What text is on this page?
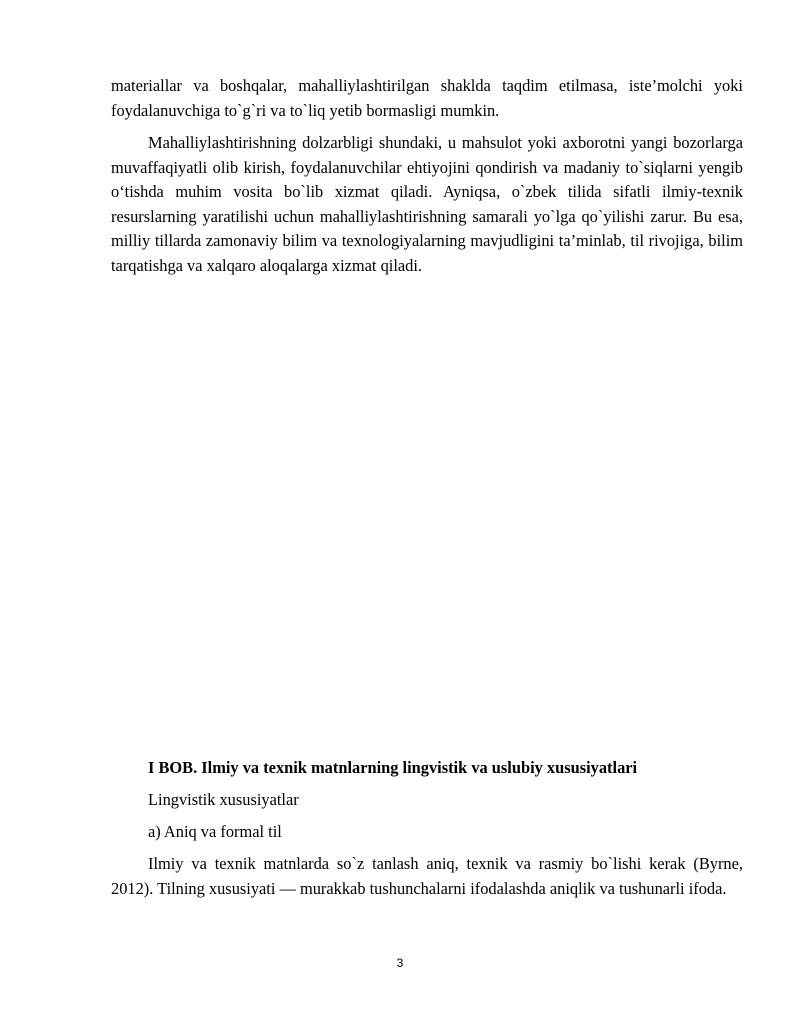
materiallar va boshqalar, mahalliylashtirilgan shaklda taqdim etilmasa, iste’molchi yoki foydalanuvchiga to`g`ri va to`liq yetib bormasligi mumkin.

Mahalliylashtirishning dolzarbligi shundaki, u mahsulot yoki axborotni yangi bozorlarga muvaffaqiyatli olib kirish, foydalanuvchilar ehtiyojini qondirish va madaniy to`siqlarni yengib o‘tishda muhim vosita bo`lib xizmat qiladi. Ayniqsa, o`zbek tilida sifatli ilmiy-texnik resurslarning yaratilishi uchun mahalliylashtirishning samarali yo`lga qo`yilishi zarur. Bu esa, milliy tillarda zamonaviy bilim va texnologiyalarning mavjudligini ta’minlab, til rivojiga, bilim tarqatishga va xalqaro aloqalarga xizmat qiladi.

I BOB. Ilmiy va texnik matnlarning lingvistik va uslubiy xususiyatlari

Lingvistik xususiyatlar

a) Aniq va formal til

Ilmiy va texnik matnlarda so`z tanlash aniq, texnik va rasmiy bo`lishi kerak (Byrne, 2012). Tilning xususiyati — murakkab tushunchalarni ifodalashda aniqlik va tushunarli ifoda.

3
